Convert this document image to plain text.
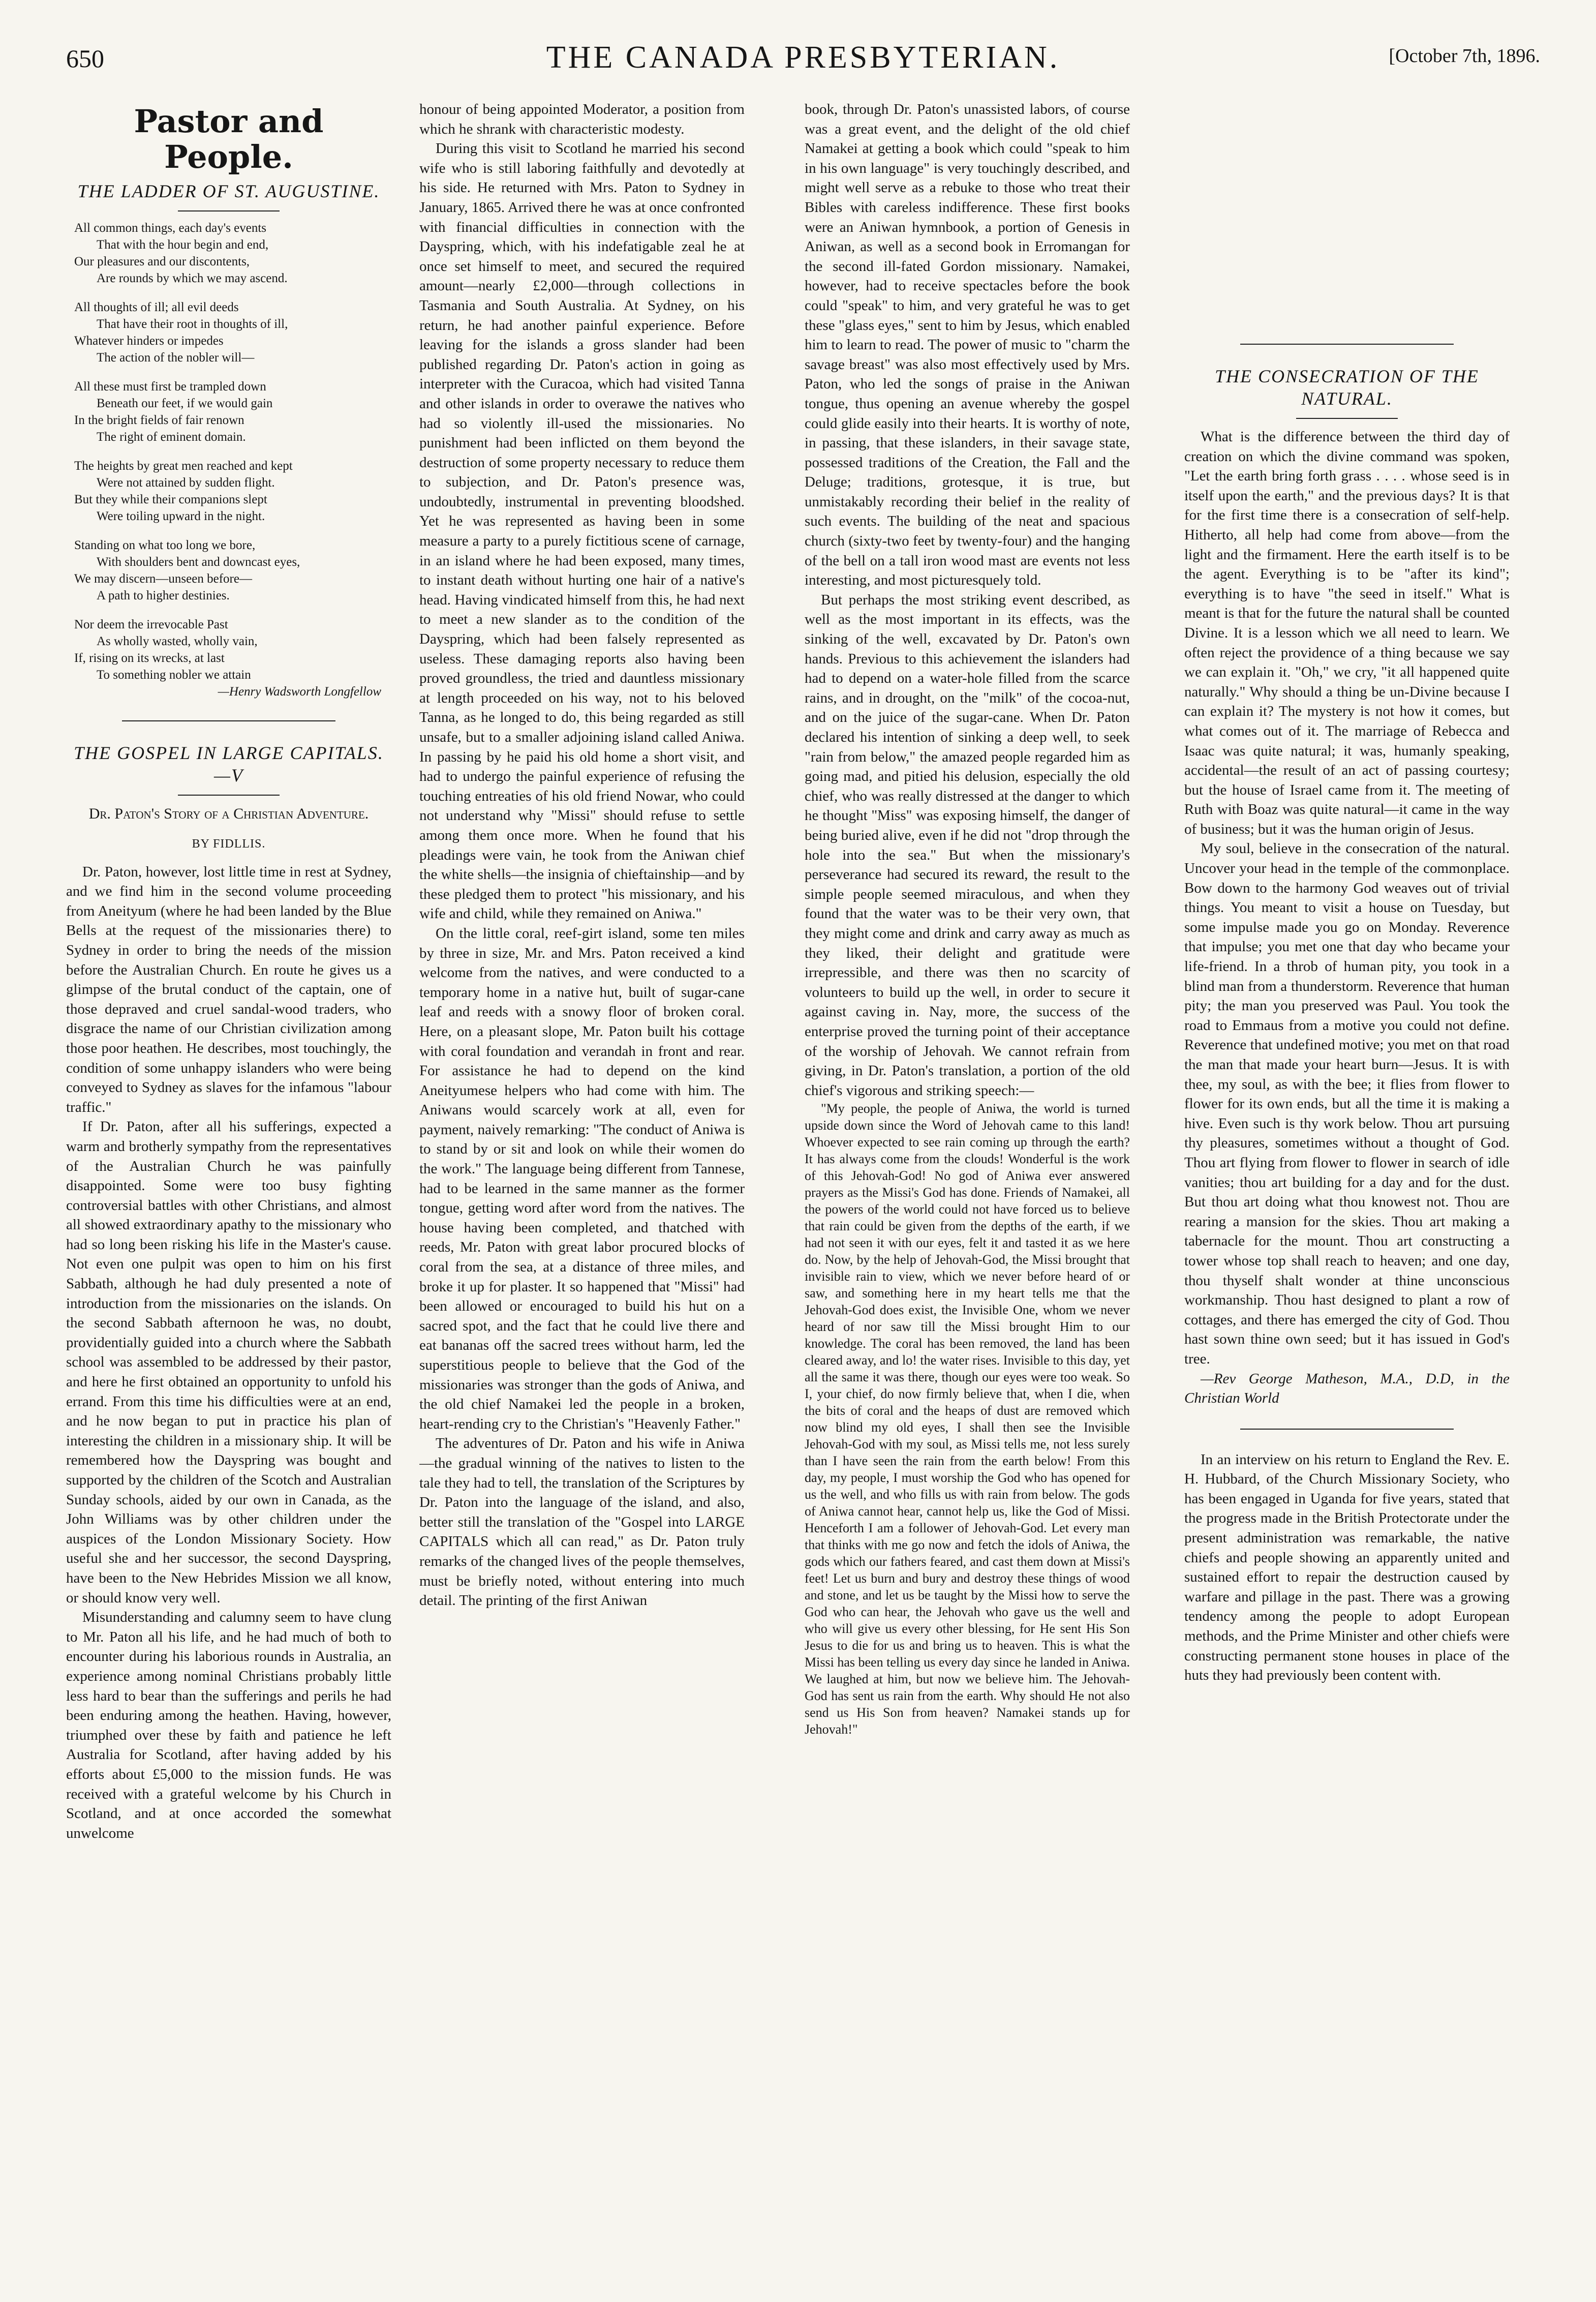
650	THE CANADA PRESBYTERIAN.	[October 7th, 1896.
Pastor and People.
THE LADDER OF ST. AUGUSTINE.
All common things, each day's events
That with the hour begin and end,
Our pleasures and our discontents,
Are rounds by which we may ascend.
All thoughts of ill; all evil deeds
That have their root in thoughts of ill,
Whatever hinders or impedes
The action of the nobler will—
All these must first be trampled down
Beneath our feet, if we would gain
In the bright fields of fair renown
The right of eminent domain.
The heights by great men reached and kept
Were not attained by sudden flight.
But they while their companions slept
Were toiling upward in the night.
Standing on what too long we bore,
With shoulders bent and downcast eyes,
We may discern—unseen before—
A path to higher destinies.
Nor deem the irrevocable Past
As wholly wasted, wholly vain,
If, rising on its wrecks, at last
To something nobler we attain
—Henry Wadsworth Longfellow
THE GOSPEL IN LARGE CAPITALS.—V
Dr. Paton's Story of a Christian Adventure.
BY FIDLLIS.

Dr. Paton, however, lost little time in rest at Sydney, and we find him in the second volume proceeding from Aneityum (where he had been landed by the Blue Bells at the request of the missionaries there) to Sydney in order to bring the needs of the mission before the Australian Church. En route he gives us a glimpse of the brutal conduct of the captain, one of those depraved and cruel sandal-wood traders, who disgrace the name of our Christian civilization among those poor heathen. He describes, most touchingly, the condition of some unhappy islanders who were being conveyed to Sydney as slaves for the infamous "labour traffic."

If Dr. Paton, after all his sufferings, expected a warm and brotherly sympathy from the representatives of the Australian Church he was painfully disappointed. Some were too busy fighting controversial battles with other Christians, and almost all showed extraordinary apathy to the missionary who had so long been risking his life in the Master's cause. Not even one pulpit was open to him on his first Sabbath, although he had duly presented a note of introduction from the missionaries on the islands. On the second Sabbath afternoon he was, no doubt, providentially guided into a church where the Sabbath school was assembled to be addressed by their pastor, and here he first obtained an opportunity to unfold his errand. From this time his difficulties were at an end, and he now began to put in practice his plan of interesting the children in a missionary ship. It will be remembered how the Dayspring was bought and supported by the children of the Scotch and Australian Sunday schools, aided by our own in Canada, as the John Williams was by other children under the auspices of the London Missionary Society. How useful she and her successor, the second Dayspring, have been to the New Hebrides Mission we all know, or should know very well.

Misunderstanding and calumny seem to have clung to Mr. Paton all his life, and he had much of both to encounter during his laborious rounds in Australia, an experience among nominal Christians probably little less hard to bear than the sufferings and perils he had been enduring among the heathen. Having, however, triumphed over these by faith and patience he left Australia for Scotland, after having added by his efforts about £5,000 to the mission funds. He was received with a grateful welcome by his Church in Scotland, and at once accorded the somewhat unwelcome

honour of being appointed Moderator, a position from which he shrank with characteristic modesty.

During this visit to Scotland he married his second wife who is still laboring faithfully and devotedly at his side. He returned with Mrs. Paton to Sydney in January, 1865. Arrived there he was at once confronted with financial difficulties in connection with the Dayspring, which, with his indefatigable zeal he at once set himself to meet, and secured the required amount—nearly £2,000—through collections in Tasmania and South Australia. At Sydney, on his return, he had another painful experience. Before leaving for the islands a gross slander had been published regarding Dr. Paton's action in going as interpreter with the Curacoa, which had visited Tanna and other islands in order to overawe the natives who had so violently ill-used the missionaries. No punishment had been inflicted on them beyond the destruction of some property necessary to reduce them to subjection, and Dr. Paton's presence was, undoubtedly, instrumental in preventing bloodshed. Yet he was represented as having been in some measure a party to a purely fictitious scene of carnage, in an island where he had been exposed, many times, to instant death without hurting one hair of a native's head. Having vindicated himself from this, he had next to meet a new slander as to the condition of the Dayspring, which had been falsely represented as useless. These damaging reports also having been proved groundless, the tried and dauntless missionary at length proceeded on his way, not to his beloved Tanna, as he longed to do, this being regarded as still unsafe, but to a smaller adjoining island called Aniwa. In passing by he paid his old home a short visit, and had to undergo the painful experience of refusing the touching entreaties of his old friend Nowar, who could not understand why "Missi" should refuse to settle among them once more. When he found that his pleadings were vain, he took from the Aniwan chief the white shells—the insignia of chieftainship—and by these pledged them to protect "his missionary, and his wife and child, while they remained on Aniwa."

On the little coral, reef-girt island, some ten miles by three in size, Mr. and Mrs. Paton received a kind welcome from the natives, and were conducted to a temporary home in a native hut, built of sugar-cane leaf and reeds with a snowy floor of broken coral. Here, on a pleasant slope, Mr. Paton built his cottage with coral foundation and verandah in front and rear. For assistance he had to depend on the kind Aneityumese helpers who had come with him. The Aniwans would scarcely work at all, even for payment, naively remarking: "The conduct of Aniwa is to stand by or sit and look on while their women do the work." The language being different from Tannese, had to be learned in the same manner as the former tongue, getting word after word from the natives. The house having been completed, and thatched with reeds, Mr. Paton with great labor procured blocks of coral from the sea, at a distance of three miles, and broke it up for plaster. It so happened that "Missi" had been allowed or encouraged to build his hut on a sacred spot, and the fact that he could live there and eat bananas off the sacred trees without harm, led the superstitious people to believe that the God of the missionaries was stronger than the gods of Aniwa, and the old chief Namakei led the people in a broken, heart-rending cry to the Christian's "Heavenly Father."

The adventures of Dr. Paton and his wife in Aniwa—the gradual winning of the natives to listen to the tale they had to tell, the translation of the Scriptures by Dr. Paton into the language of the island, and also, better still the translation of the "Gospel into LARGE CAPITALS which all can read," as Dr. Paton truly remarks of the changed lives of the people themselves, must be briefly noted, without entering into much detail. The printing of the first Aniwan

book, through Dr. Paton's unassisted labors, of course was a great event, and the delight of the old chief Namakei at getting a book which could "speak to him in his own language" is very touchingly described, and might well serve as a rebuke to those who treat their Bibles with careless indifference. These first books were an Aniwan hymnbook, a portion of Genesis in Aniwan, as well as a second book in Erromangan for the second ill-fated Gordon missionary. Namakei, however, had to receive spectacles before the book could "speak" to him, and very grateful he was to get these "glass eyes," sent to him by Jesus, which enabled him to learn to read. The power of music to "charm the savage breast" was also most effectively used by Mrs. Paton, who led the songs of praise in the Aniwan tongue, thus opening an avenue whereby the gospel could glide easily into their hearts. It is worthy of note, in passing, that these islanders, in their savage state, possessed traditions of the Creation, the Fall and the Deluge; traditions, grotesque, it is true, but unmistakably recording their belief in the reality of such events. The building of the neat and spacious church (sixty-two feet by twenty-four) and the hanging of the bell on a tall iron wood mast are events not less interesting, and most picturesquely told.

But perhaps the most striking event described, as well as the most important in its effects, was the sinking of the well, excavated by Dr. Paton's own hands. Previous to this achievement the islanders had had to depend on a water-hole filled from the scarce rains, and in drought, on the "milk" of the cocoa-nut, and on the juice of the sugar-cane. When Dr. Paton declared his intention of sinking a deep well, to seek "rain from below," the amazed people regarded him as going mad, and pitied his delusion, especially the old chief, who was really distressed at the danger to which he thought "Miss" was exposing himself, the danger of being buried alive, even if he did not "drop through the hole into the sea." But when the missionary's perseverance had secured its reward, the result to the simple people seemed miraculous, and when they found that the water was to be their very own, that they might come and drink and carry away as much as they liked, their delight and gratitude were irrepressible, and there was then no scarcity of volunteers to build up the well, in order to secure it against caving in. Nay, more, the success of the enterprise proved the turning point of their acceptance of the worship of Jehovah. We cannot refrain from giving, in Dr. Paton's translation, a portion of the old chief's vigorous and striking speech:—

"My people, the people of Aniwa, the world is turned upside down since the Word of Jehovah came to this land! Whoever expected to see rain coming up through the earth? It has always come from the clouds! Wonderful is the work of this Jehovah-God! No god of Aniwa ever answered prayers as the Missi's God has done. Friends of Namakei, all the powers of the world could not have forced us to believe that rain could be given from the depths of the earth, if we had not seen it with our eyes, felt it and tasted it as we here do. Now, by the help of Jehovah-God, the Missi brought that invisible rain to view, which we never before heard of or saw, and something here in my heart tells me that the Jehovah-God does exist, the Invisible One, whom we never heard of nor saw till the Missi brought Him to our knowledge. The coral has been removed, the land has been cleared away, and lo! the water rises. Invisible to this day, yet all the same it was there, though our eyes were too weak. So I, your chief, do now firmly believe that, when I die, when the bits of coral and the heaps of dust are removed which now blind my old eyes, I shall then see the Invisible Jehovah-God with my soul, as Missi tells me, not less surely than I have seen the rain from the earth below! From this day, my people, I must worship the God who has opened for us the well, and who fills us with rain from below. The gods of Aniwa cannot hear, cannot help us, like the God of Missi. Henceforth I am a follower of Jehovah-God. Let every man that thinks with me go now and fetch the idols of Aniwa, the gods which our fathers feared, and cast them down at Missi's feet! Let us burn and bury and destroy these things of wood and stone, and let us be taught by the Missi how to serve the God who can hear, the Jehovah who gave us the well and who will give us every other blessing, for He sent His Son Jesus to die for us and bring us to heaven. This is what the Missi has been telling us every day since he landed in Aniwa. We laughed at him, but now we believe him. The Jehovah-God has sent us rain from the earth. Why should He not also send us His Son from heaven? Namakei stands up for Jehovah!"

THE CONSECRATION OF THE NATURAL.

What is the difference between the third day of creation on which the divine command was spoken, "Let the earth bring forth grass . . . . whose seed is in itself upon the earth," and the previous days? It is that for the first time there is a consecration of self-help. Hitherto, all help had come from above—from the light and the firmament. Here the earth itself is to be the agent. Everything is to be "after its kind"; everything is to have "the seed in itself." What is meant is that for the future the natural shall be counted Divine. It is a lesson which we all need to learn. We often reject the providence of a thing because we say we can explain it. "Oh," we cry, "it all happened quite naturally." Why should a thing be un-Divine because I can explain it? The mystery is not how it comes, but what comes out of it. The marriage of Rebecca and Isaac was quite natural; it was, humanly speaking, accidental—the result of an act of passing courtesy; but the house of Israel came from it. The meeting of Ruth with Boaz was quite natural—it came in the way of business; but it was the human origin of Jesus.

My soul, believe in the consecration of the natural. Uncover your head in the temple of the commonplace. Bow down to the harmony God weaves out of trivial things. You meant to visit a house on Tuesday, but some impulse made you go on Monday. Reverence that impulse; you met one that day who became your life-friend. In a throb of human pity, you took in a blind man from a thunderstorm. Reverence that human pity; the man you preserved was Paul. You took the road to Emmaus from a motive you could not define. Reverence that undefined motive; you met on that road the man that made your heart burn—Jesus. It is with thee, my soul, as with the bee; it flies from flower to flower for its own ends, but all the time it is making a hive. Even such is thy work below. Thou art pursuing thy pleasures, sometimes without a thought of God. Thou art flying from flower to flower in search of idle vanities; thou art building for a day and for the dust. But thou art doing what thou knowest not. Thou are rearing a mansion for the skies. Thou art making a tabernacle for the mount. Thou art constructing a tower whose top shall reach to heaven; and one day, thou thyself shalt wonder at thine unconscious workmanship. Thou hast designed to plant a row of cottages, and there has emerged the city of God. Thou hast sown thine own seed; but it has issued in God's tree.

—Rev George Matheson, M.A., D.D, in the Christian World

In an interview on his return to England the Rev. E. H. Hubbard, of the Church Missionary Society, who has been engaged in Uganda for five years, stated that the progress made in the British Protectorate under the present administration was remarkable, the native chiefs and people showing an apparently united and sustained effort to repair the destruction caused by warfare and pillage in the past. There was a growing tendency among the people to adopt European methods, and the Prime Minister and other chiefs were constructing permanent stone houses in place of the huts they had previously been content with.
